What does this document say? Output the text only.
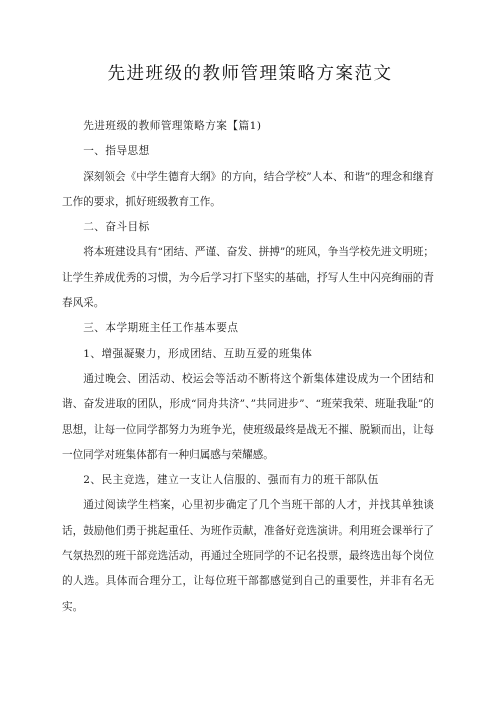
先进班级的教师管理策略方案范文

先进班级的教师管理策略方案【篇1)

一、指导思想

深刻领会《中学生德育大纲》的方向，结合学校”人本、和谐”的理念和继育工作的要求，抓好班级教育工作。

二、奋斗目标

将本班建设具有“团结、严谨、奋发、拼搏”的班风，争当学校先进文明班；让学生养成优秀的习惯，为今后学习打下坚实的基础，抒写人生中闪亮绚丽的青春风采。

三、本学期班主任工作基本要点

1、增强凝聚力，形成团结、互助互爱的班集体

通过晚会、团活动、校运会等活动不断将这个新集体建设成为一个团结和谐、奋发进取的团队，形成“同舟共济”、”共同进步”、“班荣我荣、班耻我耻”的思想，让每一位同学都努力为班争光，使班级最终是战无不摧、脱颖而出，让每一位同学对班集体都有一种归属感与荣耀感。

2、民主竞选，建立一支让人信服的、强而有力的班干部队伍

通过阅读学生档案，心里初步确定了几个当班干部的人才，并找其单独谈话，鼓励他们勇于挑起重任、为班作贡献，准备好竞选演讲。利用班会课举行了气氛热烈的班干部竞选活动，再通过全班同学的不记名投票，最终选出每个岗位的人选。具体而合理分工，让每位班干部都感觉到自己的重要性，并非有名无实。
